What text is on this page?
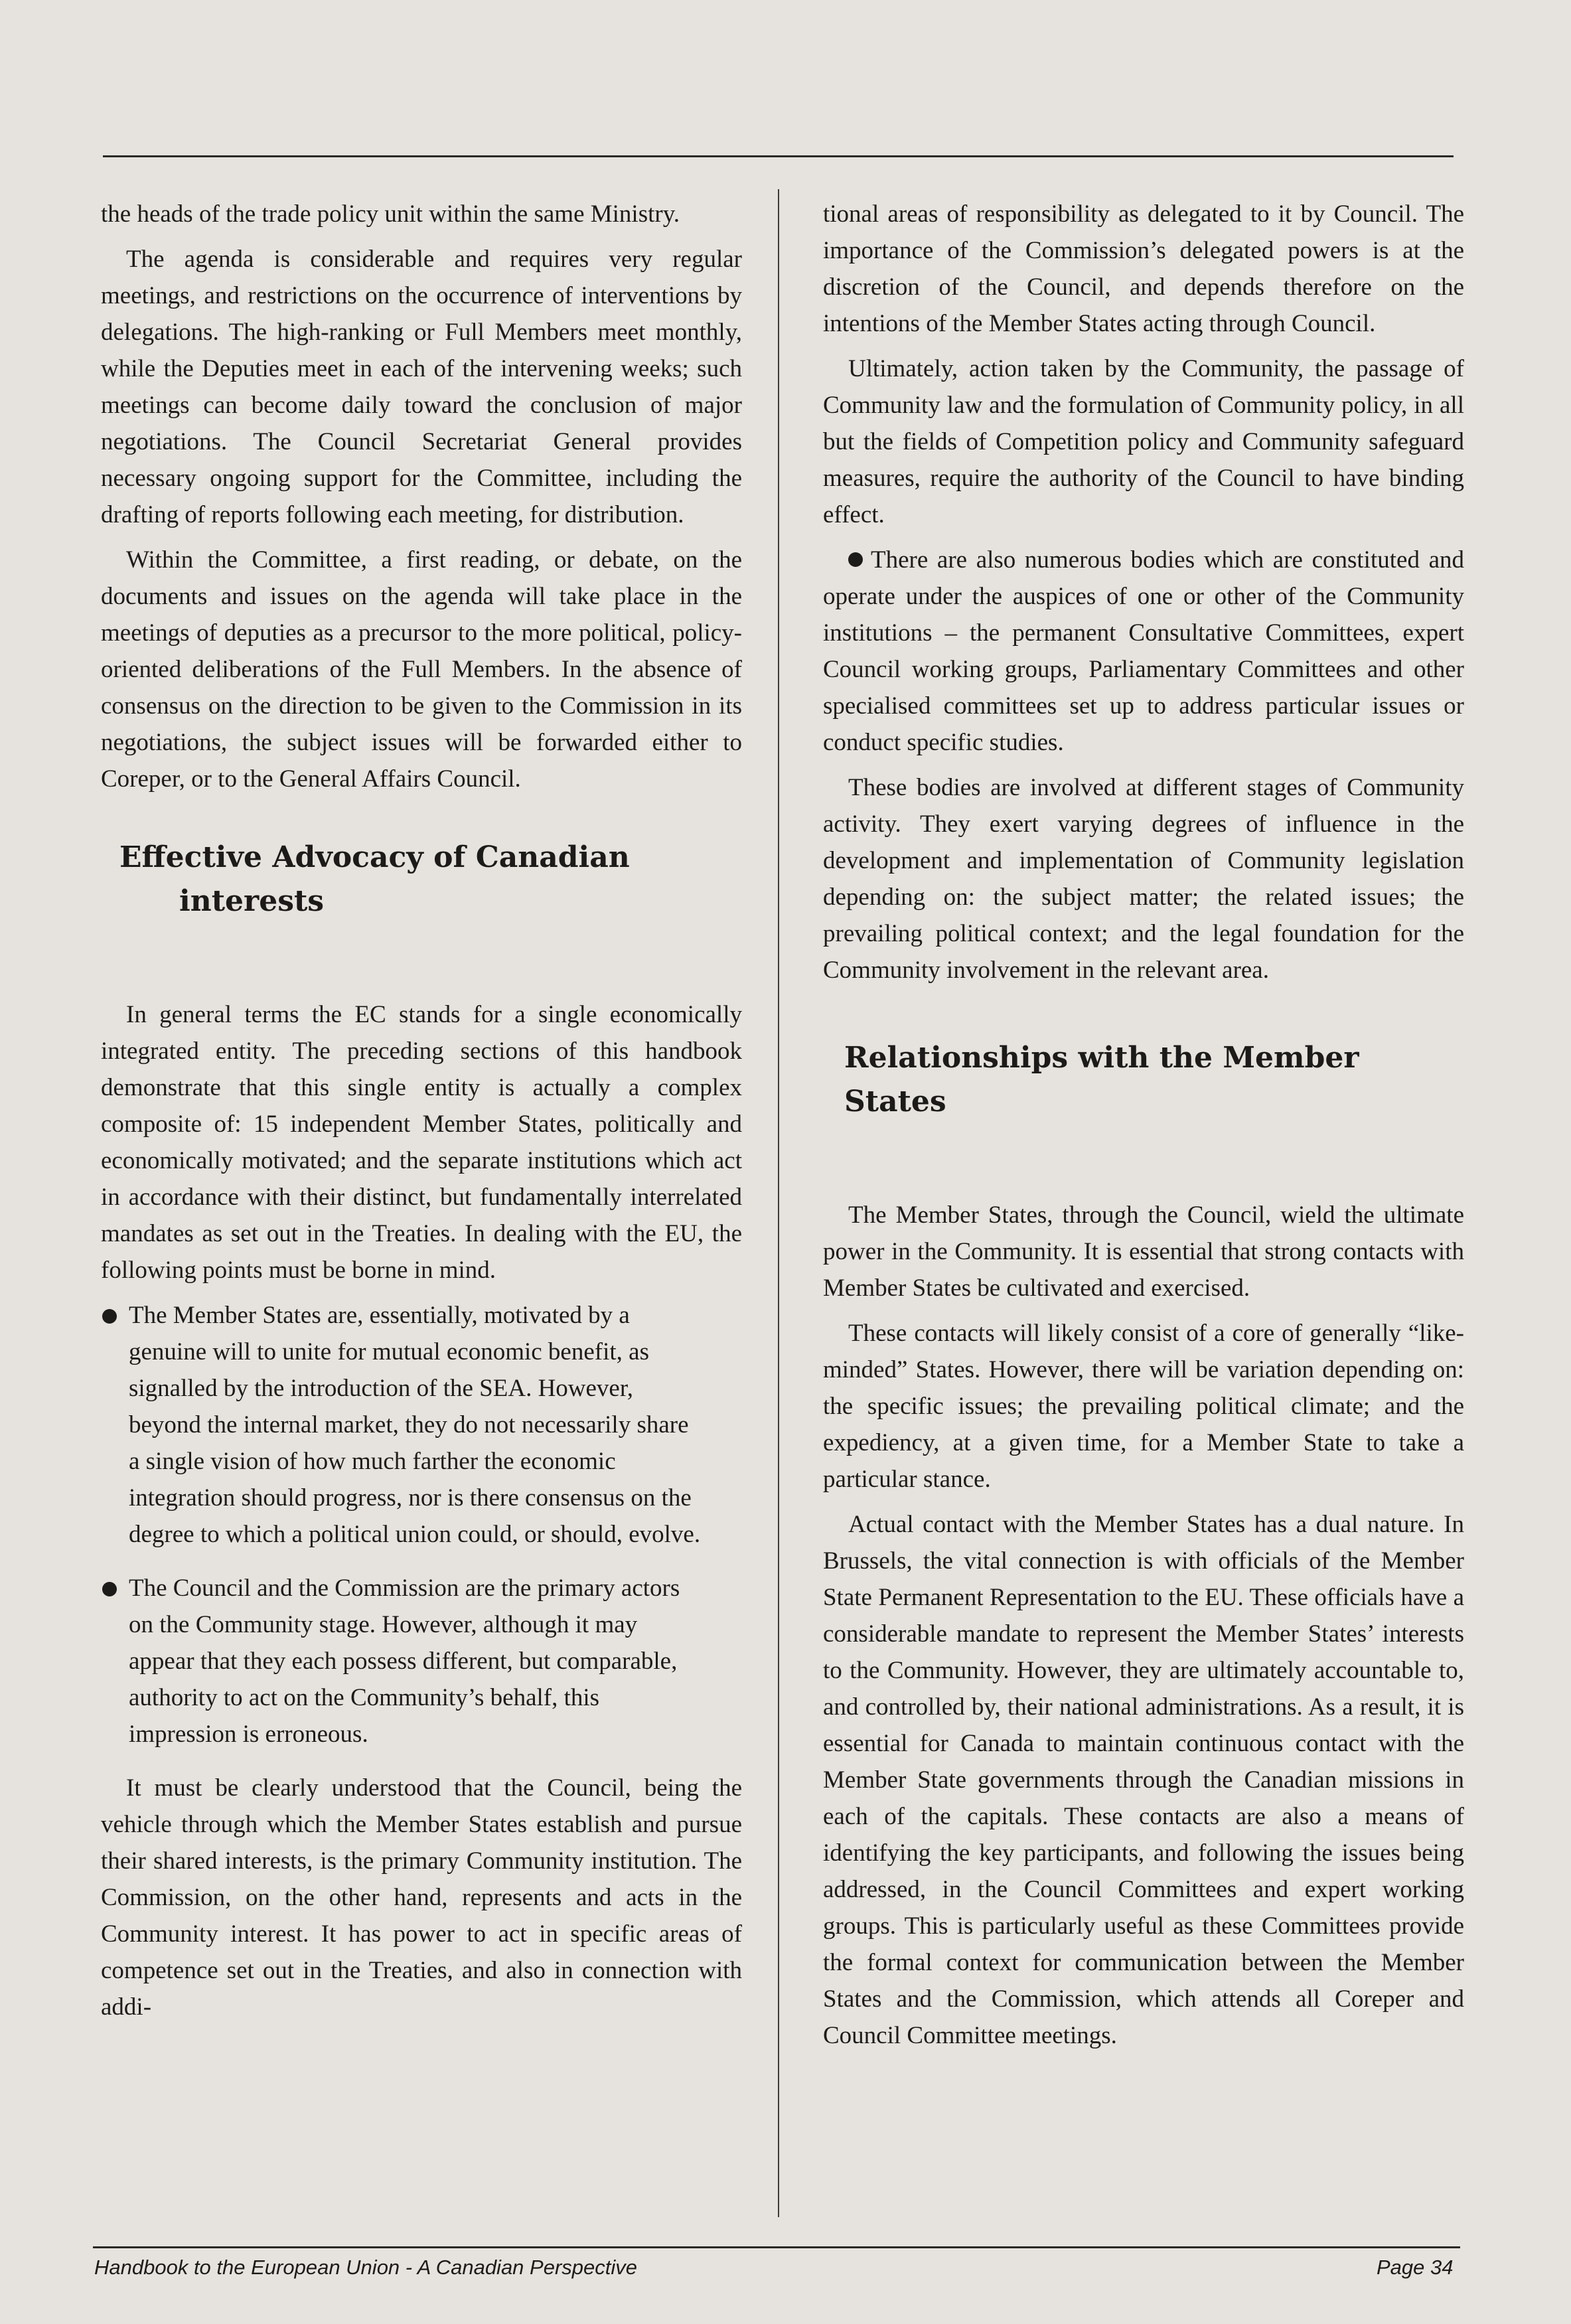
the heads of the trade policy unit within the same Ministry.

The agenda is considerable and requires very regular meetings, and restrictions on the occurrence of interventions by delegations. The high-ranking or Full Members meet monthly, while the Deputies meet in each of the intervening weeks; such meetings can become daily toward the conclusion of major negotiations. The Council Secretariat General provides necessary ongoing support for the Committee, including the drafting of reports following each meeting, for distribution.

Within the Committee, a first reading, or debate, on the documents and issues on the agenda will take place in the meetings of deputies as a precursor to the more political, policy-oriented deliberations of the Full Members. In the absence of consensus on the direction to be given to the Commission in its negotiations, the subject issues will be forwarded either to Coreper, or to the General Affairs Council.

Effective Advocacy of Canadian
interests

In general terms the EC stands for a single economically integrated entity. The preceding sections of this handbook demonstrate that this single entity is actually a complex composite of: 15 independent Member States, politically and economically motivated; and the separate institutions which act in accordance with their distinct, but fundamentally interrelated mandates as set out in the Treaties. In dealing with the EU, the following points must be borne in mind.

The Member States are, essentially, motivated by a genuine will to unite for mutual economic benefit, as signalled by the introduction of the SEA. However, beyond the internal market, they do not necessarily share a single vision of how much farther the economic integration should progress, nor is there consensus on the degree to which a political union could, or should, evolve.
The Council and the Commission are the primary actors on the Community stage. However, although it may appear that they each possess different, but comparable, authority to act on the Community’s behalf, this impression is erroneous.

It must be clearly understood that the Council, being the vehicle through which the Member States establish and pursue their shared interests, is the primary Community institution. The Commission, on the other hand, represents and acts in the Community interest. It has power to act in specific areas of competence set out in the Treaties, and also in connection with addi-

tional areas of responsibility as delegated to it by Council. The importance of the Commission’s delegated powers is at the discretion of the Council, and depends therefore on the intentions of the Member States acting through Council.

Ultimately, action taken by the Community, the passage of Community law and the formulation of Community policy, in all but the fields of Competition policy and Community safeguard measures, require the authority of the Council to have binding effect.

There are also numerous bodies which are constituted and operate under the auspices of one or other of the Community institutions – the permanent Consultative Committees, expert Council working groups, Parliamentary Committees and other specialised committees set up to address particular issues or conduct specific studies.

These bodies are involved at different stages of Community activity. They exert varying degrees of influence in the development and implementation of Community legislation depending on: the subject matter; the related issues; the prevailing political context; and the legal foundation for the Community involvement in the relevant area.

Relationships with the Member States

The Member States, through the Council, wield the ultimate power in the Community. It is essential that strong contacts with Member States be cultivated and exercised.

These contacts will likely consist of a core of generally “like-minded” States. However, there will be variation depending on: the specific issues; the prevailing political climate; and the expediency, at a given time, for a Member State to take a particular stance.

Actual contact with the Member States has a dual nature. In Brussels, the vital connection is with officials of the Member State Permanent Representation to the EU. These officials have a considerable mandate to represent the Member States’ interests to the Community. However, they are ultimately accountable to, and controlled by, their national administrations. As a result, it is essential for Canada to maintain continuous contact with the Member State governments through the Canadian missions in each of the capitals. These contacts are also a means of identifying the key participants, and following the issues being addressed, in the Council Committees and expert working groups. This is particularly useful as these Committees provide the formal context for communication between the Member States and the Commission, which attends all Coreper and Council Committee meetings.

Handbook to the European Union - A Canadian Perspective	Page 34
